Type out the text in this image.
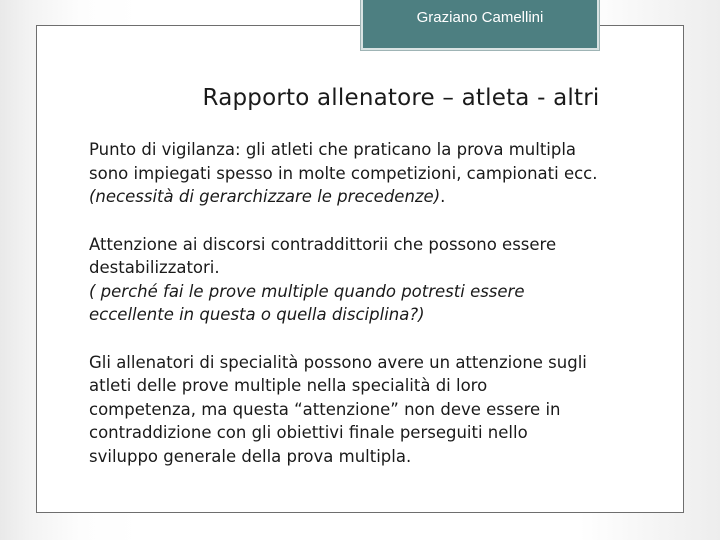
Graziano Camellini
Rapporto allenatore – atleta - altri
Punto di vigilanza: gli atleti che praticano la prova multipla
sono impiegati spesso in molte competizioni, campionati ecc.
(necessità di gerarchizzare le precedenze).
Attenzione ai discorsi contraddittorii che possono essere
destabilizzatori.
( perché fai le prove multiple quando potresti essere
eccellente in questa o quella disciplina?)
Gli allenatori di specialità possono avere un attenzione sugli
atleti delle prove multiple nella specialità di loro
competenza, ma questa “attenzione” non deve essere in
contraddizione con gli obiettivi finale perseguiti nello
sviluppo generale della prova multipla.
